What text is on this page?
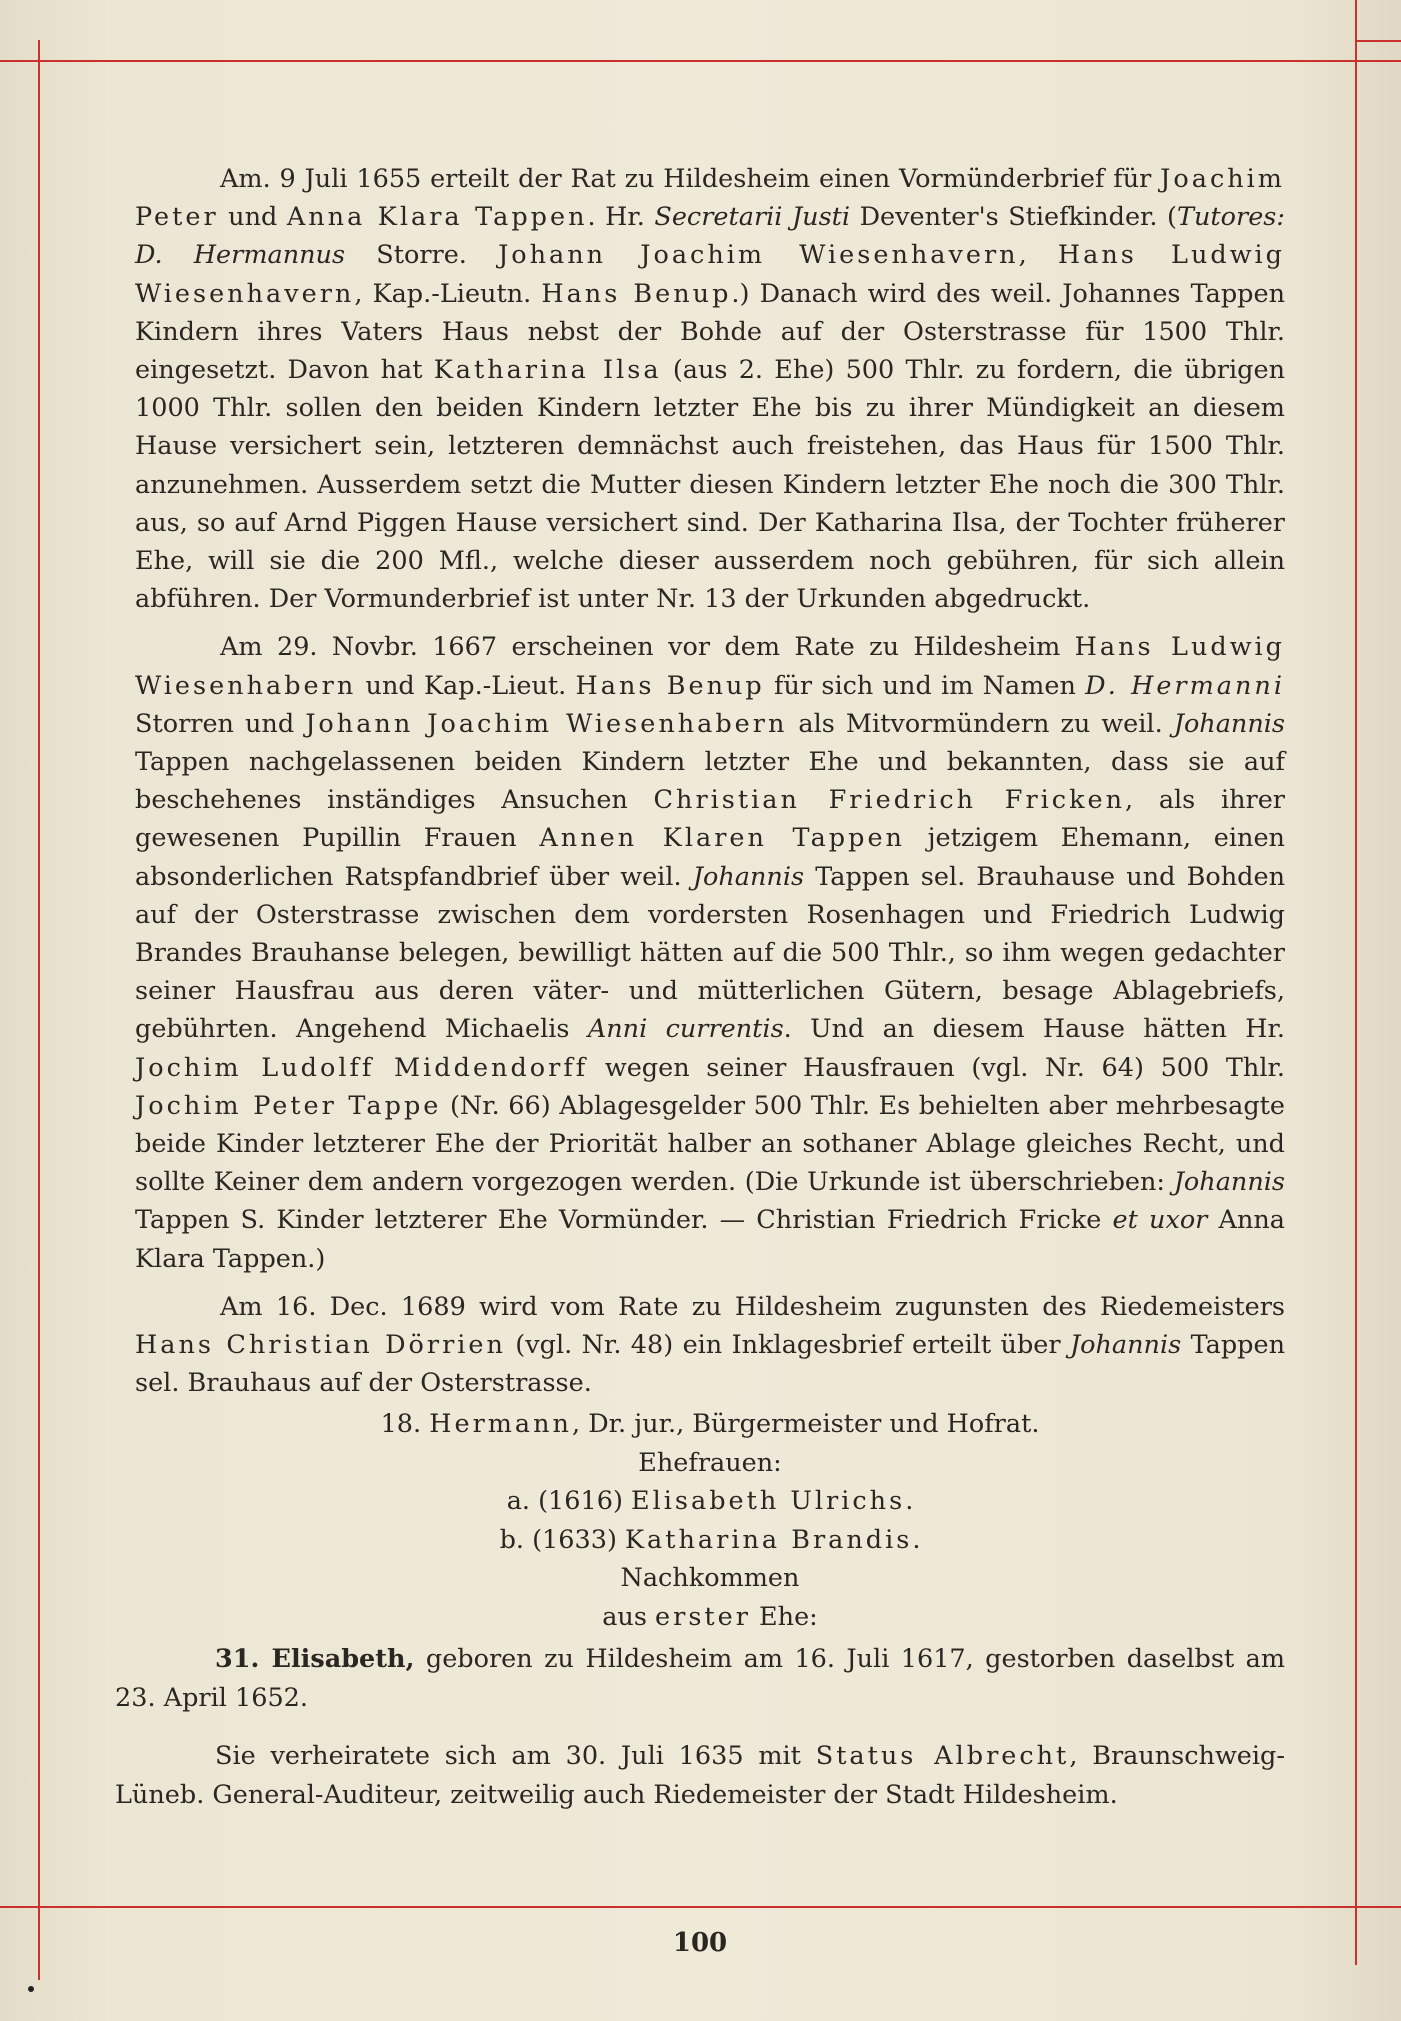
Am. 9 Juli 1655 erteilt der Rat zu Hildesheim einen Vormünderbrief für Joachim Peter und Anna Klara Tappen. Hr. Secretarii Justi Deventer's Stiefkinder. (Tutores: D. Hermannus Storre. Johann Joachim Wiesenhavern, Hans Ludwig Wiesenhavern, Kap.-Lieutn. Hans Benup.) Danach wird des weil. Johannes Tappen Kindern ihres Vaters Haus nebst der Bohde auf der Osterstrasse für 1500 Thlr. eingesetzt. Davon hat Katharina Ilsa (aus 2. Ehe) 500 Thlr. zu fordern, die übrigen 1000 Thlr. sollen den beiden Kindern letzter Ehe bis zu ihrer Mündigkeit an diesem Hause versichert sein, letzteren demnächst auch freistehen, das Haus für 1500 Thlr. anzunehmen. Ausserdem setzt die Mutter diesen Kindern letzter Ehe noch die 300 Thlr. aus, so auf Arnd Piggen Hause versichert sind. Der Katharina Ilsa, der Tochter früherer Ehe, will sie die 200 Mfl., welche dieser ausserdem noch gebühren, für sich allein abführen. Der Vormunderbrief ist unter Nr. 13 der Urkunden abgedruckt.

Am 29. Novbr. 1667 erscheinen vor dem Rate zu Hildesheim Hans Ludwig Wiesenhabern und Kap.-Lieut. Hans Benup für sich und im Namen D. Hermanni Storren und Johann Joachim Wiesenhabern als Mitvormündern zu weil. Johannis Tappen nachgelassenen beiden Kindern letzter Ehe und bekannten, dass sie auf beschehenes inständiges Ansuchen Christian Friedrich Fricken, als ihrer gewesenen Pupillin Frauen Annen Klaren Tappen jetzigem Ehemann, einen absonderlichen Ratspfandbrief über weil. Johannis Tappen sel. Brauhause und Bohden auf der Osterstrasse zwischen dem vordersten Rosenhagen und Friedrich Ludwig Brandes Brauhanse belegen, bewilligt hätten auf die 500 Thlr., so ihm wegen gedachter seiner Hausfrau aus deren väter- und mütterlichen Gütern, besage Ablagebriefs, gebührten. Angehend Michaelis Anni currentis. Und an diesem Hause hätten Hr. Jochim Ludolff Middendorff wegen seiner Hausfrauen (vgl. Nr. 64) 500 Thlr. Jochim Peter Tappe (Nr. 66) Ablagesgelder 500 Thlr. Es behielten aber mehrbesagte beide Kinder letzterer Ehe der Priorität halber an sothaner Ablage gleiches Recht, und sollte Keiner dem andern vorgezogen werden. (Die Urkunde ist überschrieben: Johannis Tappen S. Kinder letzterer Ehe Vormünder. — Christian Friedrich Fricke et uxor Anna Klara Tappen.)

Am 16. Dec. 1689 wird vom Rate zu Hildesheim zugunsten des Riedemeisters Hans Christian Dörrien (vgl. Nr. 48) ein Inklagesbrief erteilt über Johannis Tappen sel. Brauhaus auf der Osterstrasse.

18. Hermann, Dr. jur., Bürgermeister und Hofrat.
Ehefrauen:
a. (1616) Elisabeth Ulrichs.
b. (1633) Katharina Brandis.
Nachkommen
aus erster Ehe:

31. Elisabeth, geboren zu Hildesheim am 16. Juli 1617, gestorben daselbst am 23. April 1652.

Sie verheiratete sich am 30. Juli 1635 mit Status Albrecht, Braunschweig-Lüneb. General-Auditeur, zeitweilig auch Riedemeister der Stadt Hildesheim.

100
